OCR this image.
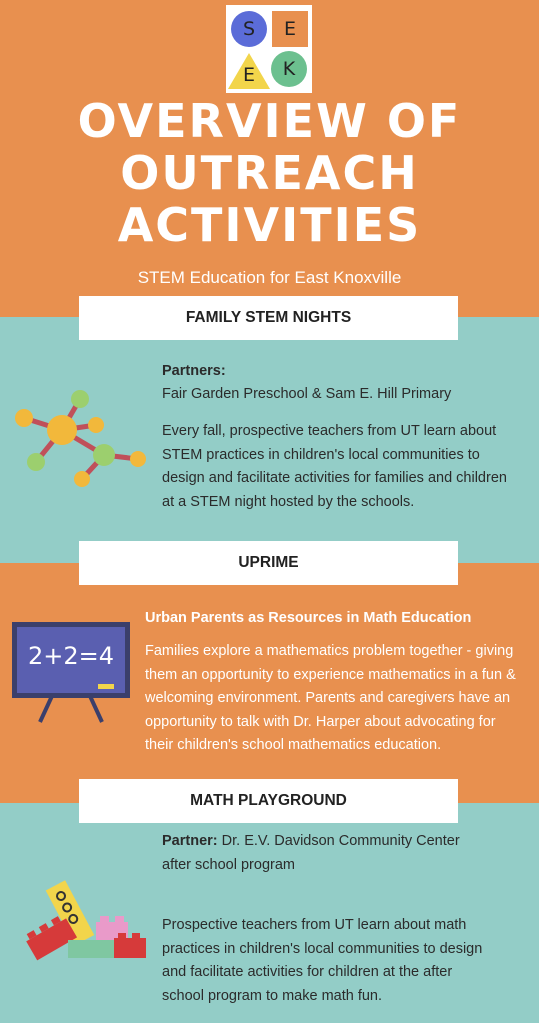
S	E
E	K
OVERVIEW OF
OUTREACH
ACTIVITIES
STEM Education for East Knoxville
FAMILY STEM NIGHTS
Partners:
Fair Garden Preschool & Sam E. Hill Primary
Every fall, prospective teachers from UT learn about STEM practices in children's local communities to design and facilitate activities for families and children at a STEM night hosted by the schools.
UPRIME
2+2=4
Urban Parents as Resources in Math Education
Families explore a mathematics problem together - giving them an opportunity to experience mathematics in a fun & welcoming environment. Parents and caregivers have an opportunity to talk with Dr. Harper about advocating for their children's school mathematics education.
MATH PLAYGROUND
Partner: Dr. E.V. Davidson Community Center after school program
Prospective teachers from UT learn about math practices in children's local communities to design and facilitate activities for children at the after school program to make math fun.
